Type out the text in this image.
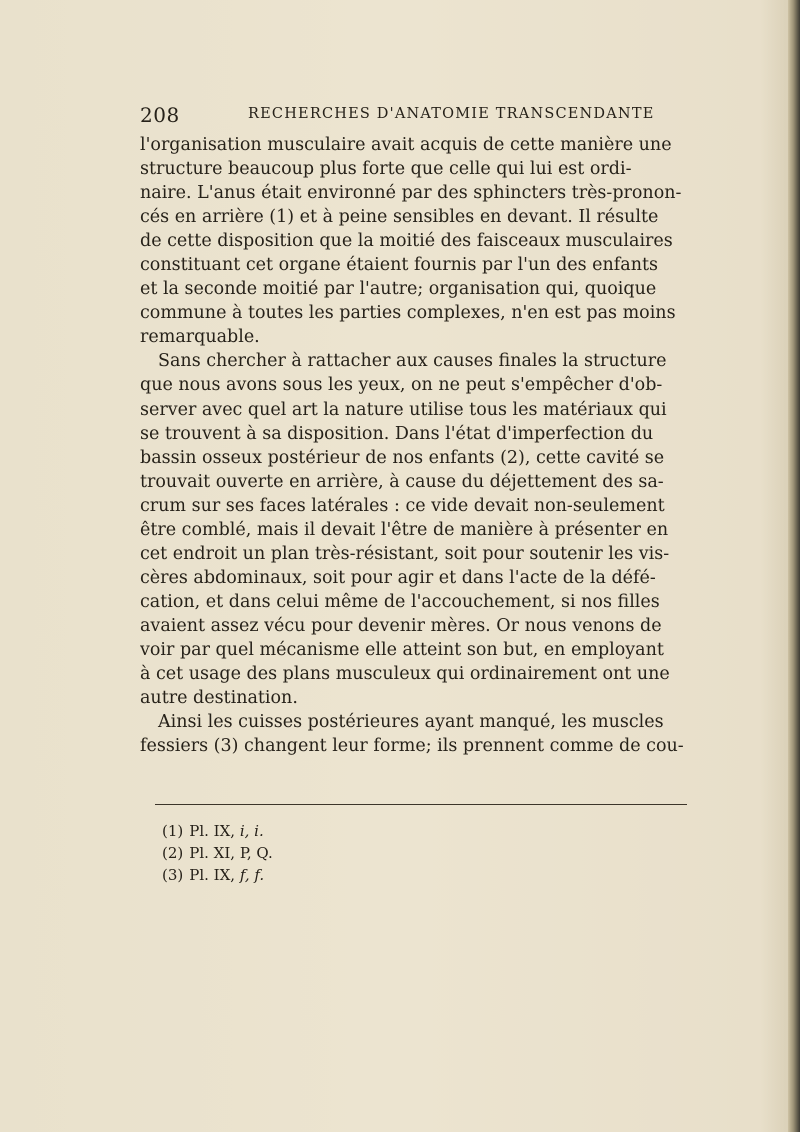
208	RECHERCHES D'ANATOMIE TRANSCENDANTE
l'organisation musculaire avait acquis de cette manière une
structure beaucoup plus forte que celle qui lui est ordi-
naire. L'anus était environné par des sphincters très-pronon-
cés en arrière (1) et à peine sensibles en devant. Il résulte
de cette disposition que la moitié des faisceaux musculaires
constituant cet organe étaient fournis par l'un des enfants
et la seconde moitié par l'autre; organisation qui, quoique
commune à toutes les parties complexes, n'en est pas moins
remarquable.
Sans chercher à rattacher aux causes finales la structure
que nous avons sous les yeux, on ne peut s'empêcher d'ob-
server avec quel art la nature utilise tous les matériaux qui
se trouvent à sa disposition. Dans l'état d'imperfection du
bassin osseux postérieur de nos enfants (2), cette cavité se
trouvait ouverte en arrière, à cause du déjettement des sa-
crum sur ses faces latérales : ce vide devait non-seulement
être comblé, mais il devait l'être de manière à présenter en
cet endroit un plan très-résistant, soit pour soutenir les vis-
cères abdominaux, soit pour agir et dans l'acte de la défé-
cation, et dans celui même de l'accouchement, si nos filles
avaient assez vécu pour devenir mères. Or nous venons de
voir par quel mécanisme elle atteint son but, en employant
à cet usage des plans musculeux qui ordinairement ont une
autre destination.
Ainsi les cuisses postérieures ayant manqué, les muscles
fessiers (3) changent leur forme; ils prennent comme de cou-
(1) Pl. IX, i, i.
(2) Pl. XI, P, Q.
(3) Pl. IX, f, f.
